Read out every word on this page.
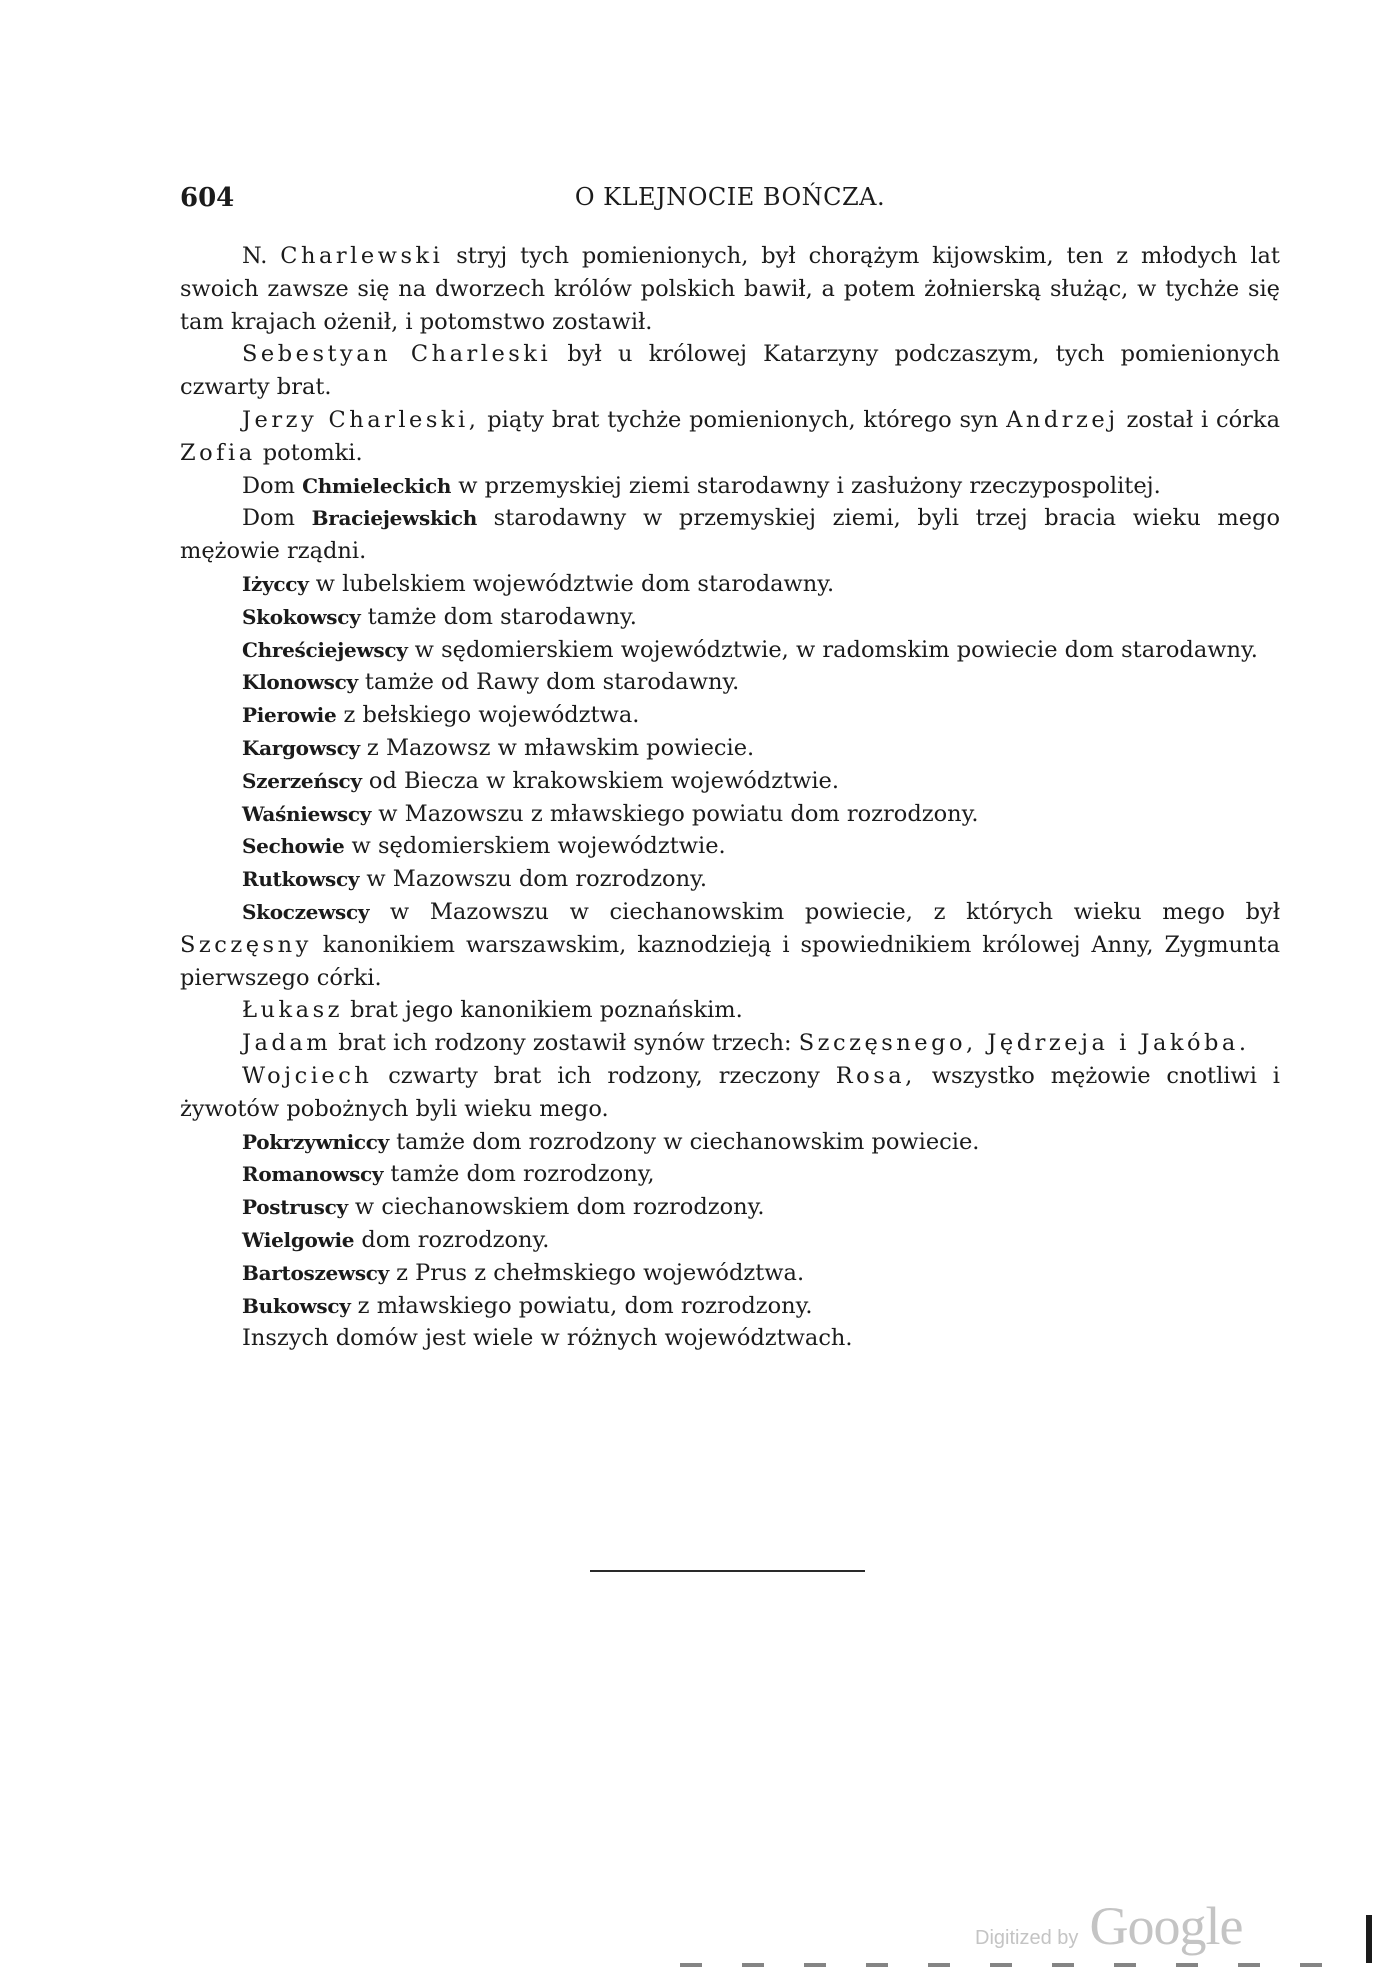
604	O KLEJNOCIE BOŃCZA.

N. Charlewski stryj tych pomienionych, był chorążym kijowskim, ten z młodych lat swoich zawsze się na dworzech królów polskich bawił, a potem żołnierską służąc, w tychże się tam krajach ożenił, i potomstwo zostawił.

Sebestyan Charleski był u królowej Katarzyny podczaszym, tych pomienionych czwarty brat.

Jerzy Charleski, piąty brat tychże pomienionych, którego syn Andrzej został i córka Zofia potomki.

Dom Chmieleckich w przemyskiej ziemi starodawny i zasłużony rzeczypospolitej.

Dom Braciejewskich starodawny w przemyskiej ziemi, byli trzej bracia wieku mego mężowie rządni.

Iżyccy w lubelskiem województwie dom starodawny.

Skokowscy tamże dom starodawny.

Chreściejewscy w sędomierskiem województwie, w radomskim powiecie dom starodawny.

Klonowscy tamże od Rawy dom starodawny.

Pierowie z bełskiego województwa.

Kargowscy z Mazowsz w mławskim powiecie.

Szerzeńscy od Biecza w krakowskiem województwie.

Waśniewscy w Mazowszu z mławskiego powiatu dom rozrodzony.

Sechowie w sędomierskiem województwie.

Rutkowscy w Mazowszu dom rozrodzony.

Skoczewscy w Mazowszu w ciechanowskim powiecie, z których wieku mego był Szczęsny kanonikiem warszawskim, kaznodzieją i spowiednikiem królowej Anny, Zygmunta pierwszego córki.

Łukasz brat jego kanonikiem poznańskim.

Jadam brat ich rodzony zostawił synów trzech: Szczęsnego, Jędrzeja i Jakóba.

Wojciech czwarty brat ich rodzony, rzeczony Rosa, wszystko mężowie cnotliwi i żywotów pobożnych byli wieku mego.

Pokrzywniccy tamże dom rozrodzony w ciechanowskim powiecie.

Romanowscy tamże dom rozrodzony,

Postruscy w ciechanowskiem dom rozrodzony.

Wielgowie dom rozrodzony.

Bartoszewscy z Prus z chełmskiego województwa.

Bukowscy z mławskiego powiatu, dom rozrodzony.

Inszych domów jest wiele w różnych województwach.

Digitized by Google
